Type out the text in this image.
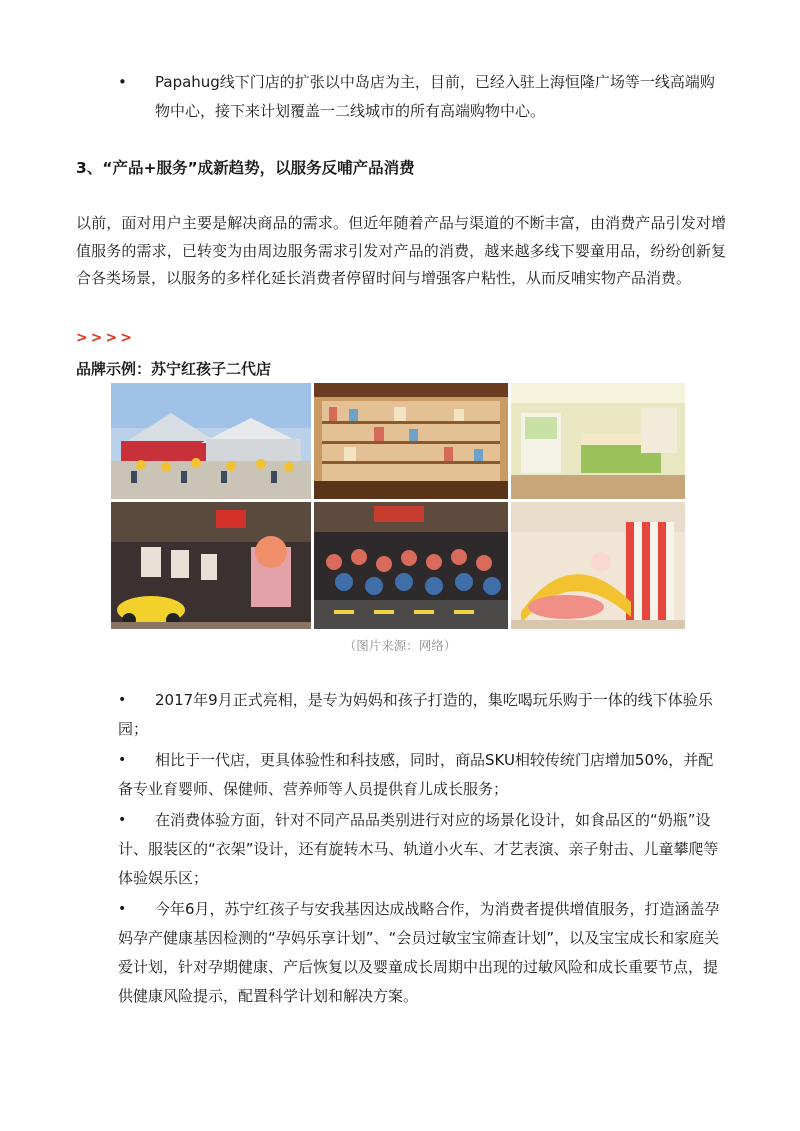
•	Papahug线下门店的扩张以中岛店为主，目前，已经入驻上海恒隆广场等一线高端购物中心，接下来计划覆盖一二线城市的所有高端购物中心。
3、“产品+服务”成新趋势，以服务反哺产品消费
以前，面对用户主要是解决商品的需求。但近年随着产品与渠道的不断丰富，由消费产品引发对增值服务的需求，已转变为由周边服务需求引发对产品的消费，越来越多线下婴童用品，纷纷创新复合各类场景，以服务的多样化延长消费者停留时间与增强客户粘性，从而反哺实物产品消费。
>>>>
品牌示例：苏宁红孩子二代店
（图片来源：网络）
•	2017年9月正式亮相，是专为妈妈和孩子打造的，集吃喝玩乐购于一体的线下体验乐园；
•	相比于一代店，更具体验性和科技感，同时，商品SKU相较传统门店增加50%，并配备专业育婴师、保健师、营养师等人员提供育儿成长服务；
•	在消费体验方面，针对不同产品品类别进行对应的场景化设计，如食品区的“奶瓶”设计、服装区的“衣架”设计，还有旋转木马、轨道小火车、才艺表演、亲子射击、儿童攀爬等体验娱乐区；
•	今年6月，苏宁红孩子与安我基因达成战略合作，为消费者提供增值服务，打造涵盖孕妈孕产健康基因检测的“孕妈乐享计划”、“会员过敏宝宝筛查计划”，以及宝宝成长和家庭关爱计划，针对孕期健康、产后恢复以及婴童成长周期中出现的过敏风险和成长重要节点，提供健康风险提示，配置科学计划和解决方案。
